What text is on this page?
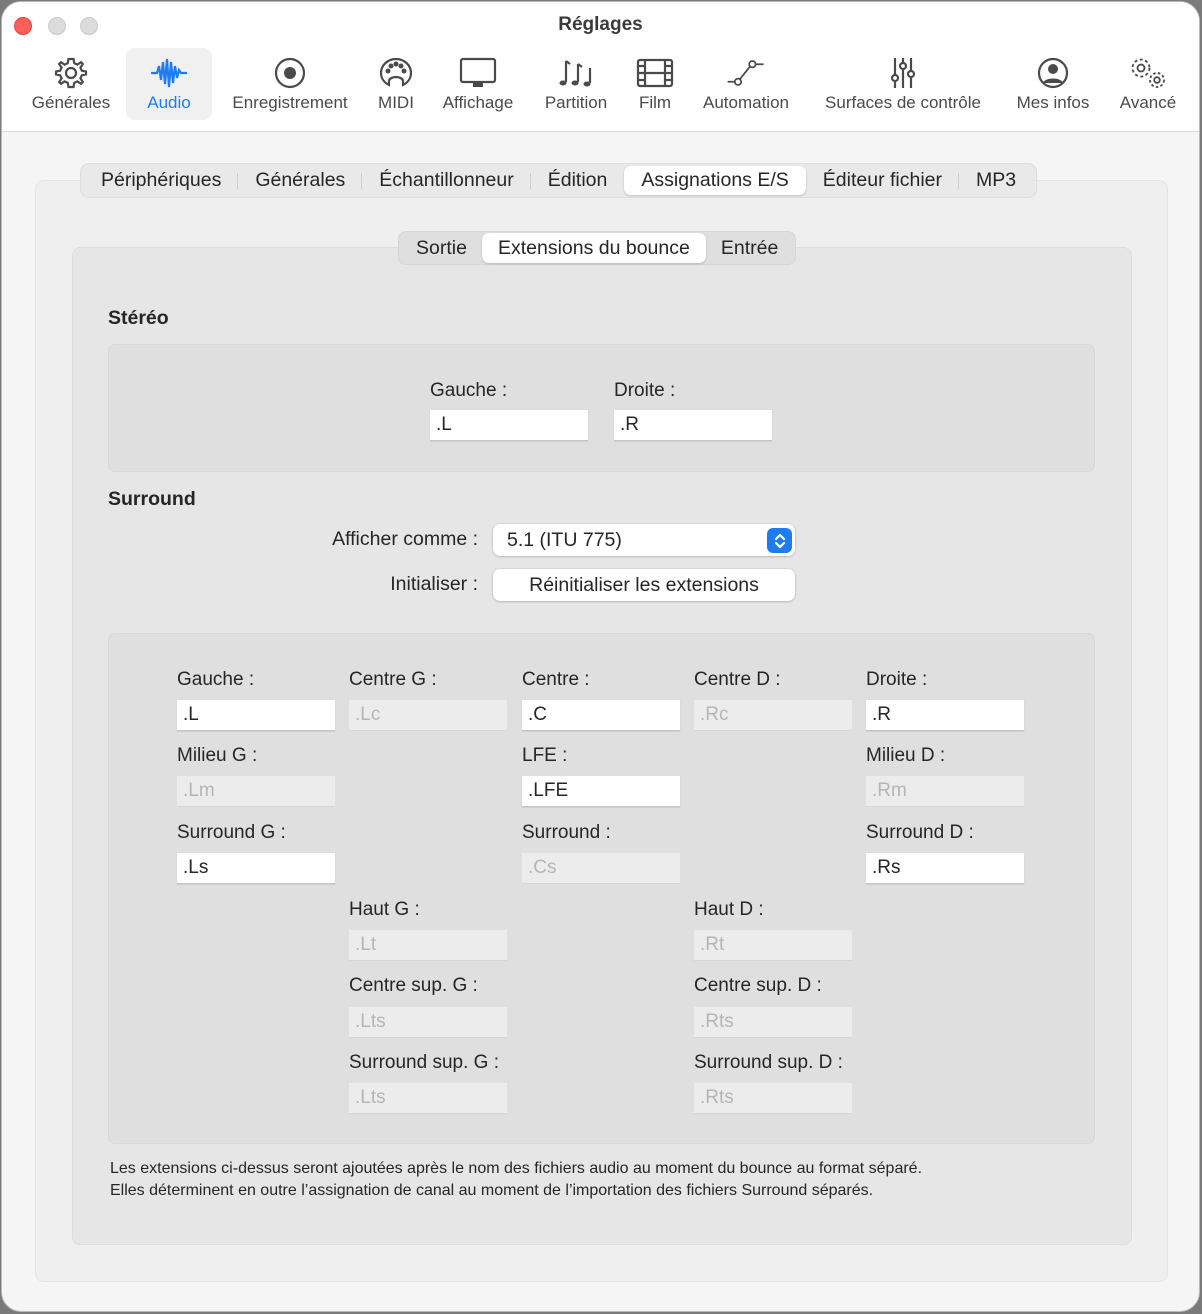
Réglages
Générales Audio Enregistrement MIDI Affichage Partition Film Automation Surfaces de contrôle Mes infos Avancé
Périphériques	Générales	Échantillonneur	Édition	Assignations E/S	Éditeur fichier	MP3
Sortie	Extensions du bounce	Entrée
Stéréo
Gauche :
.L	Droite :
.R
Surround
Afficher comme : 5.1 (ITU 775)
Initialiser :	Réinitialiser les extensions
Gauche :
.L	Centre G :
.Lc	Centre :
.C	Centre D :
.Rc	Droite :
.R
Milieu G :
.Lm	LFE :
.LFE	Milieu D :
.Rm
Surround G :
.Ls	Surround :
.Cs	Surround D :
.Rs
Haut G :
.Lt	Haut D :
.Rt
Centre sup. G :
.Lts	Centre sup. D :
.Rts
Surround sup. G :
.Lts	Surround sup. D :
.Rts
Les extensions ci-dessus seront ajoutées après le nom des fichiers audio au moment du bounce au format séparé.
Elles déterminent en outre l’assignation de canal au moment de l’importation des fichiers Surround séparés.
